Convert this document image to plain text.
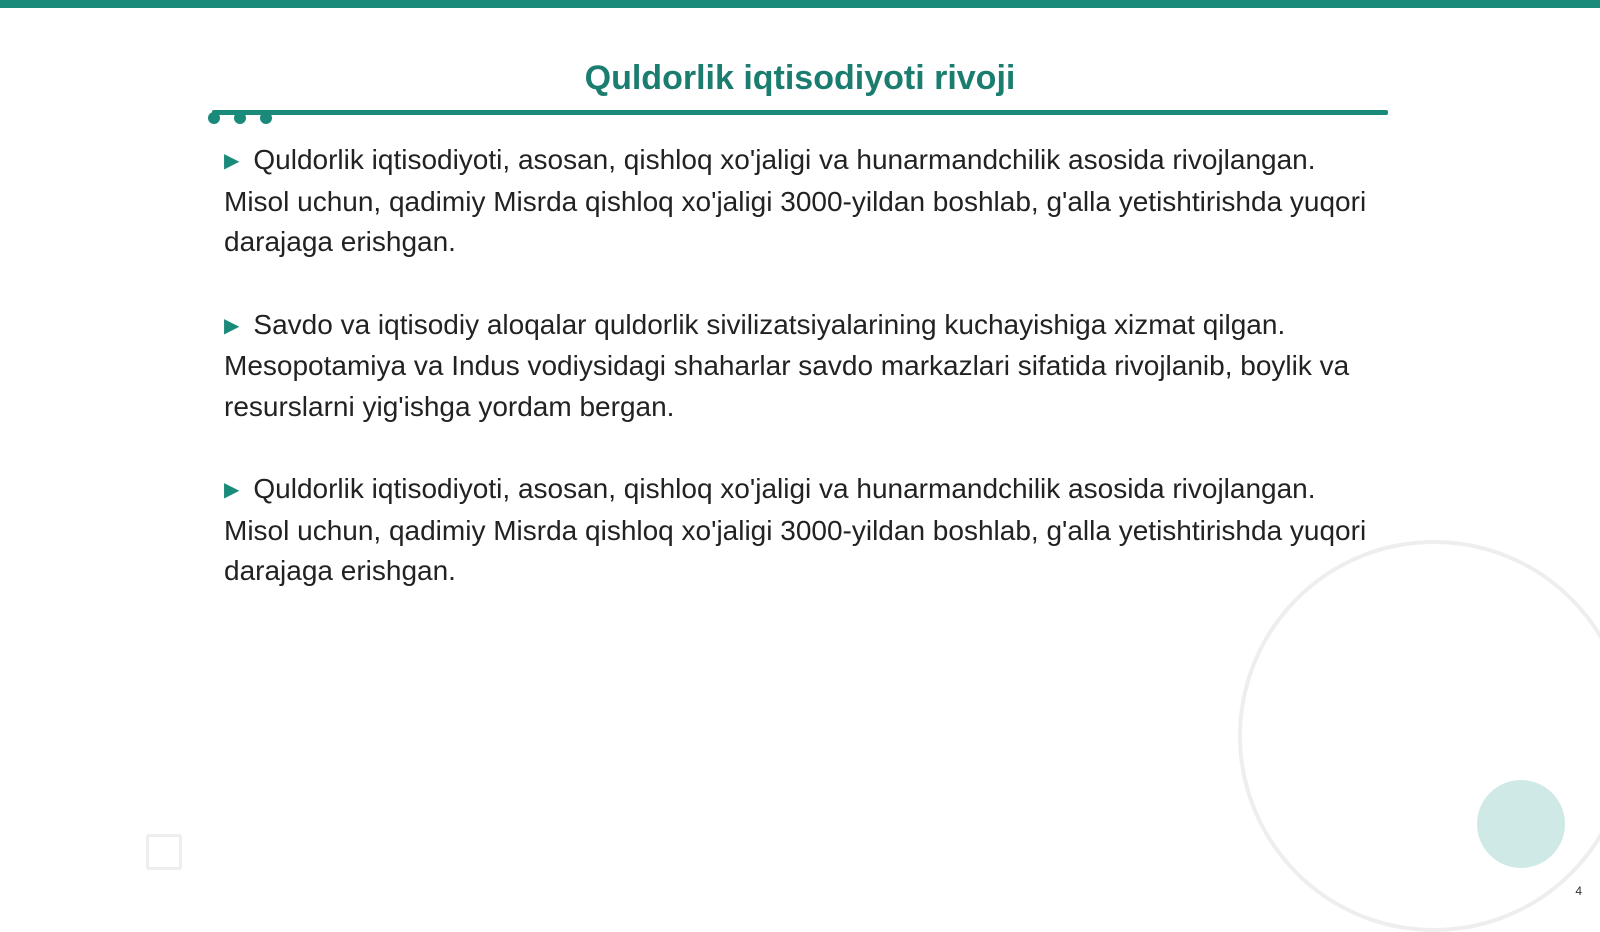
Quldorlik iqtisodiyoti rivoji

▶ Quldorlik iqtisodiyoti, asosan, qishloq xo'jaligi va hunarmandchilik asosida rivojlangan. Misol uchun, qadimiy Misrda qishloq xo'jaligi 3000-yildan boshlab, g'alla yetishtirishda yuqori darajaga erishgan.

▶ Savdo va iqtisodiy aloqalar quldorlik sivilizatsiyalarining kuchayishiga xizmat qilgan. Mesopotamiya va Indus vodiysidagi shaharlar savdo markazlari sifatida rivojlanib, boylik va resurslarni yig'ishga yordam bergan.

▶ Quldorlik iqtisodiyoti, asosan, qishloq xo'jaligi va hunarmandchilik asosida rivojlangan. Misol uchun, qadimiy Misrda qishloq xo'jaligi 3000-yildan boshlab, g'alla yetishtirishda yuqori darajaga erishgan.

4
